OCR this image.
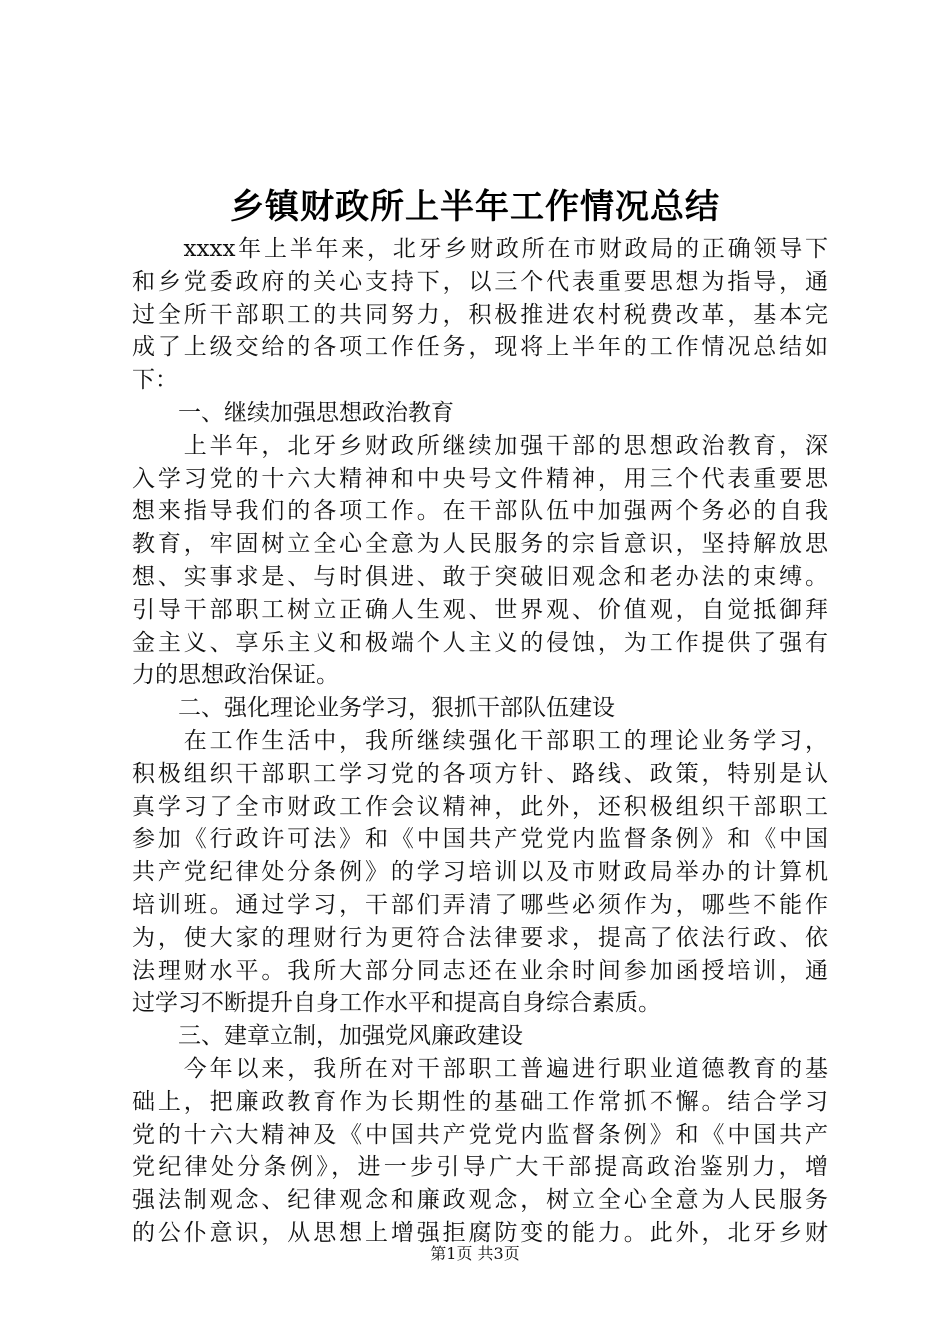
乡镇财政所上半年工作情况总结
　　xxxx年上半年来，北牙乡财政所在市财政局的正确领导下
和乡党委政府的关心支持下，以三个代表重要思想为指导，通
过全所干部职工的共同努力，积极推进农村税费改革，基本完
成了上级交给的各项工作任务，现将上半年的工作情况总结如
下：
　　一、继续加强思想政治教育
　　上半年，北牙乡财政所继续加强干部的思想政治教育，深
入学习党的十六大精神和中央号文件精神，用三个代表重要思
想来指导我们的各项工作。在干部队伍中加强两个务必的自我
教育，牢固树立全心全意为人民服务的宗旨意识，坚持解放思
想、实事求是、与时俱进、敢于突破旧观念和老办法的束缚。
引导干部职工树立正确人生观、世界观、价值观，自觉抵御拜
金主义、享乐主义和极端个人主义的侵蚀，为工作提供了强有
力的思想政治保证。
　　二、强化理论业务学习，狠抓干部队伍建设
　　在工作生活中，我所继续强化干部职工的理论业务学习，
积极组织干部职工学习党的各项方针、路线、政策，特别是认
真学习了全市财政工作会议精神，此外，还积极组织干部职工
参加《行政许可法》和《中国共产党党内监督条例》和《中国
共产党纪律处分条例》的学习培训以及市财政局举办的计算机
培训班。通过学习，干部们弄清了哪些必须作为，哪些不能作
为，使大家的理财行为更符合法律要求，提高了依法行政、依
法理财水平。我所大部分同志还在业余时间参加函授培训，通
过学习不断提升自身工作水平和提高自身综合素质。
　　三、建章立制，加强党风廉政建设
　　今年以来，我所在对干部职工普遍进行职业道德教育的基
础上，把廉政教育作为长期性的基础工作常抓不懈。结合学习
党的十六大精神及《中国共产党党内监督条例》和《中国共产
党纪律处分条例》，进一步引导广大干部提高政治鉴别力，增
强法制观念、纪律观念和廉政观念，树立全心全意为人民服务
的公仆意识，从思想上增强拒腐防变的能力。此外，北牙乡财
第1页 共3页
